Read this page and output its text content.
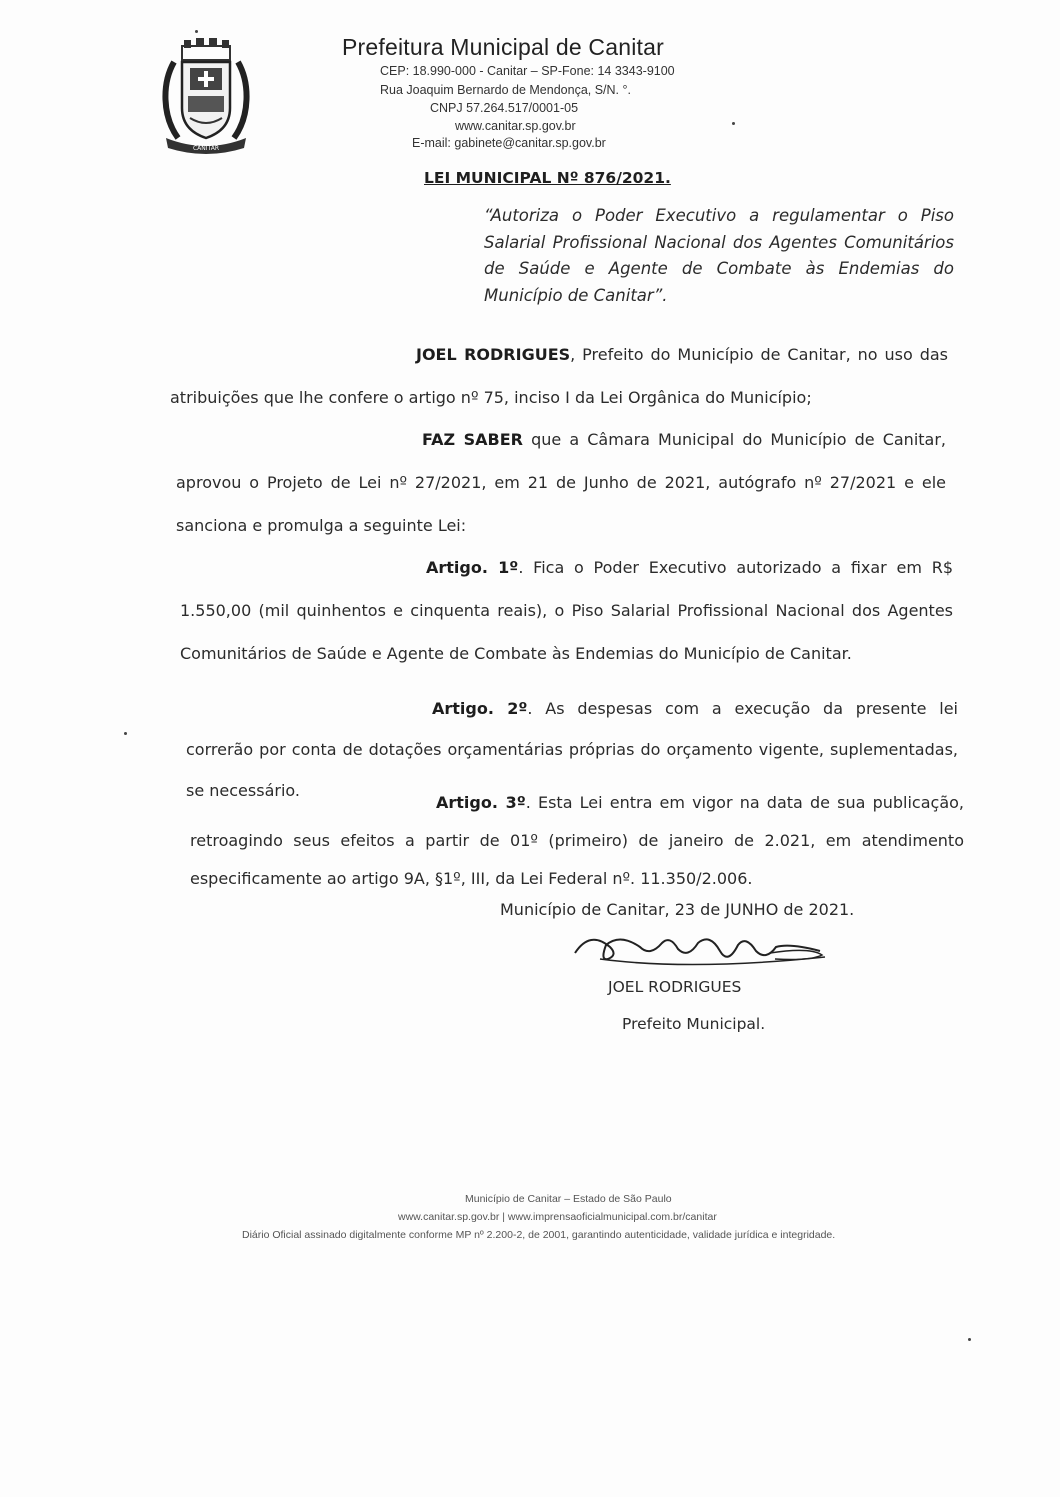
CANITAR
Prefeitura Municipal de Canitar
CEP: 18.990-000 - Canitar – SP-Fone: 14 3343-9100
Rua Joaquim Bernardo de Mendonça, S/N. °.
CNPJ 57.264.517/0001-05
www.canitar.sp.gov.br
E-mail: gabinete@canitar.sp.gov.br
LEI MUNICIPAL Nº 876/2021.
“Autoriza o Poder Executivo a regulamentar o Piso Salarial Profissional Nacional dos Agentes Comunitários de Saúde e Agente de Combate às Endemias do Município de Canitar”.
JOEL RODRIGUES, Prefeito do Município de Canitar, no uso das atribuições que lhe confere o artigo nº 75, inciso I da Lei Orgânica do Município;
FAZ SABER que a Câmara Municipal do Município de Canitar, aprovou o Projeto de Lei nº 27/2021, em 21 de Junho de 2021, autógrafo nº 27/2021 e ele sanciona e promulga a seguinte Lei:
Artigo. 1º. Fica o Poder Executivo autorizado a fixar em R$ 1.550,00 (mil quinhentos e cinquenta reais), o Piso Salarial Profissional Nacional dos Agentes Comunitários de Saúde e Agente de Combate às Endemias do Município de Canitar.
Artigo. 2º. As despesas com a execução da presente lei correrão por conta de dotações orçamentárias próprias do orçamento vigente, suplementadas, se necessário.
Artigo. 3º. Esta Lei entra em vigor na data de sua publicação, retroagindo seus efeitos a partir de 01º (primeiro) de janeiro de 2.021, em atendimento especificamente ao artigo 9A, §1º, III, da Lei Federal nº. 11.350/2.006.
Município de Canitar, 23 de JUNHO de 2021.
JOEL RODRIGUES
Prefeito Municipal.
Município de Canitar – Estado de São Paulo
www.canitar.sp.gov.br | www.imprensaoficialmunicipal.com.br/canitar
Diário Oficial assinado digitalmente conforme MP nº 2.200-2, de 2001, garantindo autenticidade, validade jurídica e integridade.
